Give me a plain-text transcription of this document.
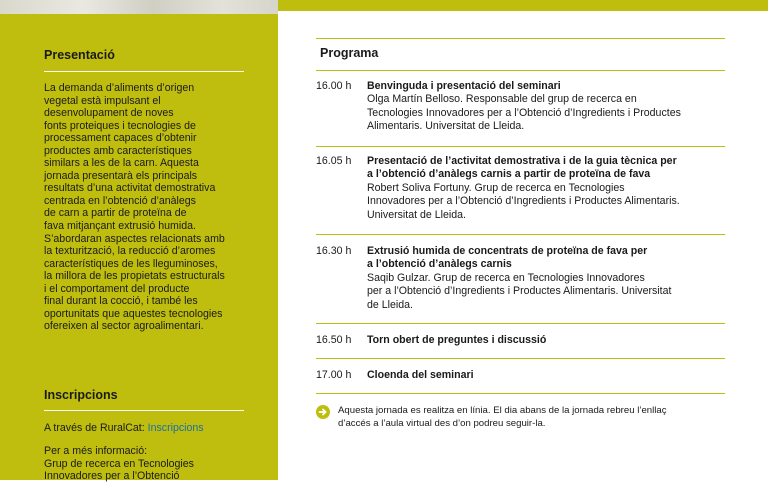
Presentació

La demanda d’aliments d’origen
vegetal està impulsant el
desenvolupament de noves
fonts proteiques i tecnologies de
processament capaces d’obtenir
productes amb característiques
similars a les de la carn. Aquesta
jornada presentarà els principals
resultats d’una activitat demostrativa
centrada en l’obtenció d’anàlegs
de carn a partir de proteïna de
fava mitjançant extrusió humida.
S’abordaran aspectes relacionats amb
la texturització, la reducció d’aromes
característiques de les lleguminoses,
la millora de les propietats estructurals
i el comportament del producte
final durant la cocció, i també les
oportunitats que aquestes tecnologies
ofereixen al sector agroalimentari.

Inscripcions

A través de RuralCat: Inscripcions

Per a més informació:
Grup de recerca en Tecnologies
Innovadores per a l’Obtenció

Programa
16.00 h Benvinguda i presentació del seminari
Olga Martín Belloso. Responsable del grup de recerca en
Tecnologies Innovadores per a l’Obtenció d’Ingredients i Productes
Alimentaris. Universitat de Lleida.
16.05 h Presentació de l’activitat demostrativa i de la guia tècnica per
a l’obtenció d’anàlegs carnis a partir de proteïna de fava
Robert Soliva Fortuny. Grup de recerca en Tecnologies
Innovadores per a l’Obtenció d’Ingredients i Productes Alimentaris.
Universitat de Lleida.
16.30 h Extrusió humida de concentrats de proteïna de fava per
a l’obtenció d’anàlegs carnis
Saqib Gulzar. Grup de recerca en Tecnologies Innovadores
per a l’Obtenció d’Ingredients i Productes Alimentaris. Universitat
de Lleida.
16.50 h Torn obert de preguntes i discussió
17.00 h Cloenda del seminari
Aquesta jornada es realitza en línia. El dia abans de la jornada rebreu l’enllaç
d’accés a l’aula virtual des d’on podreu seguir-la.
